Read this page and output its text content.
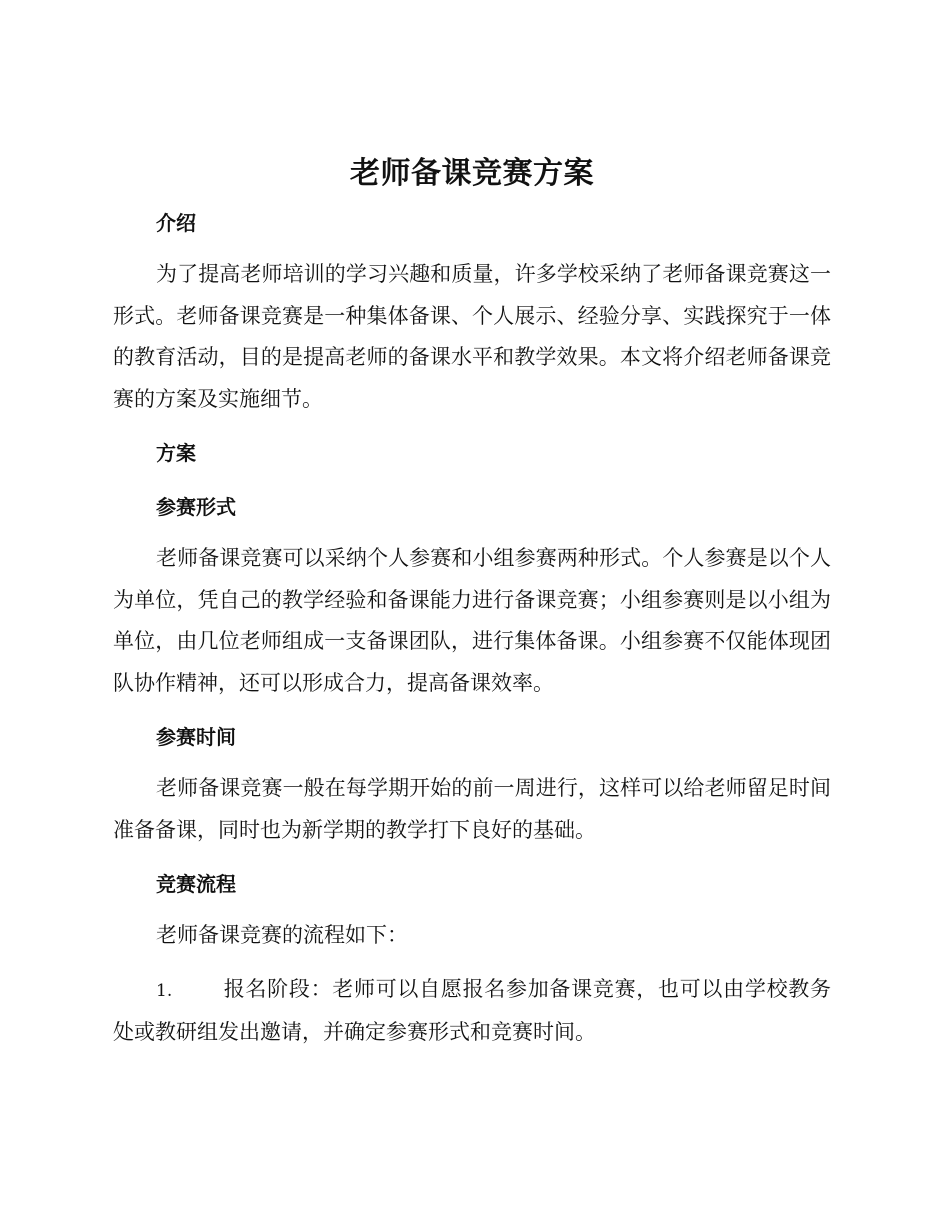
老师备课竞赛方案
介绍

为了提高老师培训的学习兴趣和质量，许多学校采纳了老师备课竞赛这一形式。老师备课竞赛是一种集体备课、个人展示、经验分享、实践探究于一体的教育活动，目的是提高老师的备课水平和教学效果。本文将介绍老师备课竞赛的方案及实施细节。

方案
参赛形式

老师备课竞赛可以采纳个人参赛和小组参赛两种形式。个人参赛是以个人为单位，凭自己的教学经验和备课能力进行备课竞赛；小组参赛则是以小组为单位，由几位老师组成一支备课团队，进行集体备课。小组参赛不仅能体现团队协作精神，还可以形成合力，提高备课效率。

参赛时间

老师备课竞赛一般在每学期开始的前一周进行，这样可以给老师留足时间准备备课，同时也为新学期的教学打下良好的基础。

竞赛流程

老师备课竞赛的流程如下：

1. 报名阶段：老师可以自愿报名参加备课竞赛，也可以由学校教务处或教研组发出邀请，并确定参赛形式和竞赛时间。
